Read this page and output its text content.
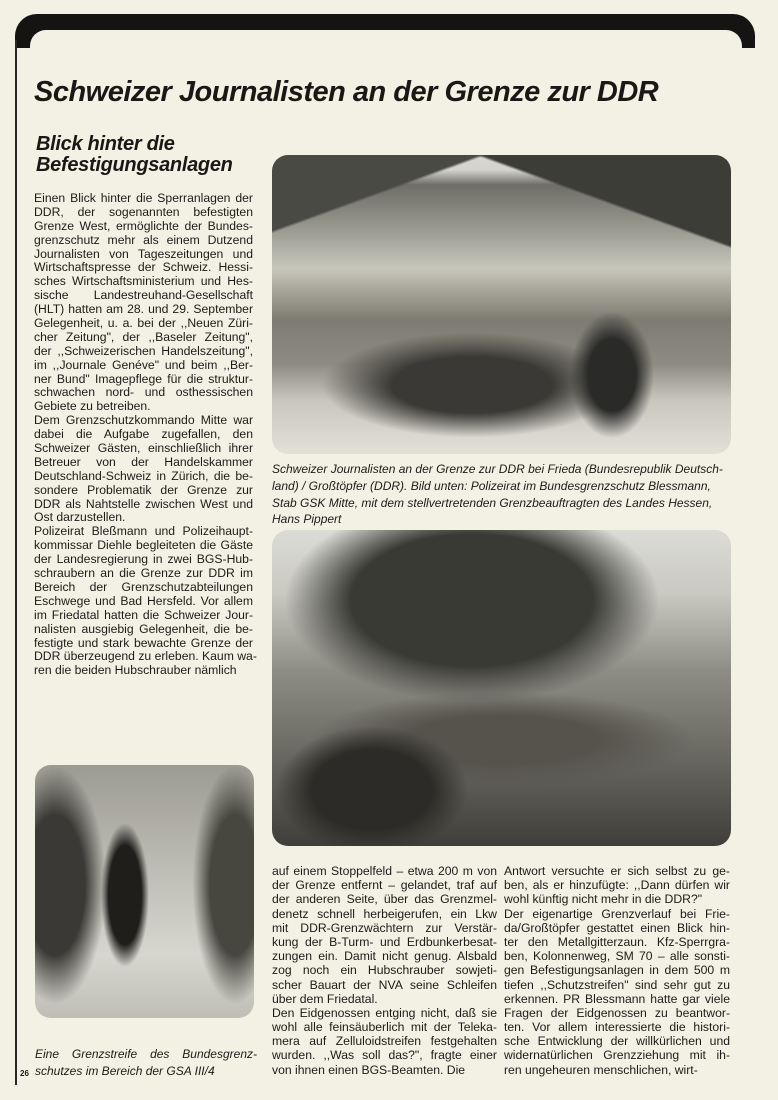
Schweizer Journalisten an der Grenze zur DDR
Blick hinter die
Befestigungsanlagen
Einen Blick hinter die Sperranlagen der
DDR, der sogenannten befestigten
Grenze West, ermöglichte der Bundes-
grenzschutz mehr als einem Dutzend
Journalisten von Tageszeitungen und
Wirtschaftspresse der Schweiz. Hessi-
sches Wirtschaftsministerium und Hes-
sische Landestreuhand-Gesellschaft
(HLT) hatten am 28. und 29. September
Gelegenheit, u. a. bei der ,,Neuen Züri-
cher Zeitung", der ,,Baseler Zeitung",
der ,,Schweizerischen Handelszeitung",
im ,,Journale Genéve" und beim ,,Ber-
ner Bund" Imagepflege für die struktur-
schwachen nord- und osthessischen
Gebiete zu betreiben.
Dem Grenzschutzkommando Mitte war
dabei die Aufgabe zugefallen, den
Schweizer Gästen, einschließlich ihrer
Betreuer von der Handelskammer
Deutschland-Schweiz in Zürich, die be-
sondere Problematik der Grenze zur
DDR als Nahtstelle zwischen West und
Ost darzustellen.
Polizeirat Bleßmann und Polizeihaupt-
kommissar Diehle begleiteten die Gäste
der Landesregierung in zwei BGS-Hub-
schraubern an die Grenze zur DDR im
Bereich der Grenzschutzabteilungen
Eschwege und Bad Hersfeld. Vor allem
im Friedatal hatten die Schweizer Jour-
nalisten ausgiebig Gelegenheit, die be-
festigte und stark bewachte Grenze der
DDR überzeugend zu erleben. Kaum wa-
ren die beiden Hubschrauber nämlich
auf einem Stoppelfeld – etwa 200 m von
der Grenze entfernt – gelandet, traf auf
der anderen Seite, über das Grenzmel-
denetz schnell herbeigerufen, ein Lkw
mit DDR-Grenzwächtern zur Verstär-
kung der B-Turm- und Erdbunkerbesat-
zungen ein. Damit nicht genug. Alsbald
zog noch ein Hubschrauber sowjeti-
scher Bauart der NVA seine Schleifen
über dem Friedatal.
Den Eidgenossen entging nicht, daß sie
wohl alle feinsäuberlich mit der Teleka-
mera auf Zelluloidstreifen festgehalten
wurden. ,,Was soll das?", fragte einer
von ihnen einen BGS-Beamten. Die
Antwort versuchte er sich selbst zu ge-
ben, als er hinzufügte: ,,Dann dürfen wir
wohl künftig nicht mehr in die DDR?"
Der eigenartige Grenzverlauf bei Frie-
da/Großtöpfer gestattet einen Blick hin-
ter den Metallgitterzaun. Kfz-Sperrgra-
ben, Kolonnenweg, SM 70 – alle sonsti-
gen Befestigungsanlagen in dem 500 m
tiefen ,,Schutzstreifen" sind sehr gut zu
erkennen. PR Blessmann hatte gar viele
Fragen der Eidgenossen zu beantwor-
ten. Vor allem interessierte die histori-
sche Entwicklung der willkürlichen und
widernatürlichen Grenzziehung mit ih-
ren ungeheuren menschlichen, wirt-
Schweizer Journalisten an der Grenze zur DDR bei Frieda (Bundesrepublik Deutsch-
land) / Großtöpfer (DDR). Bild unten: Polizeirat im Bundesgrenzschutz Blessmann,
Stab GSK Mitte, mit dem stellvertretenden Grenzbeauftragten des Landes Hessen,
Hans Pippert
Eine Grenzstreife des Bundesgrenz-
schutzes im Bereich der GSA III/4
26
